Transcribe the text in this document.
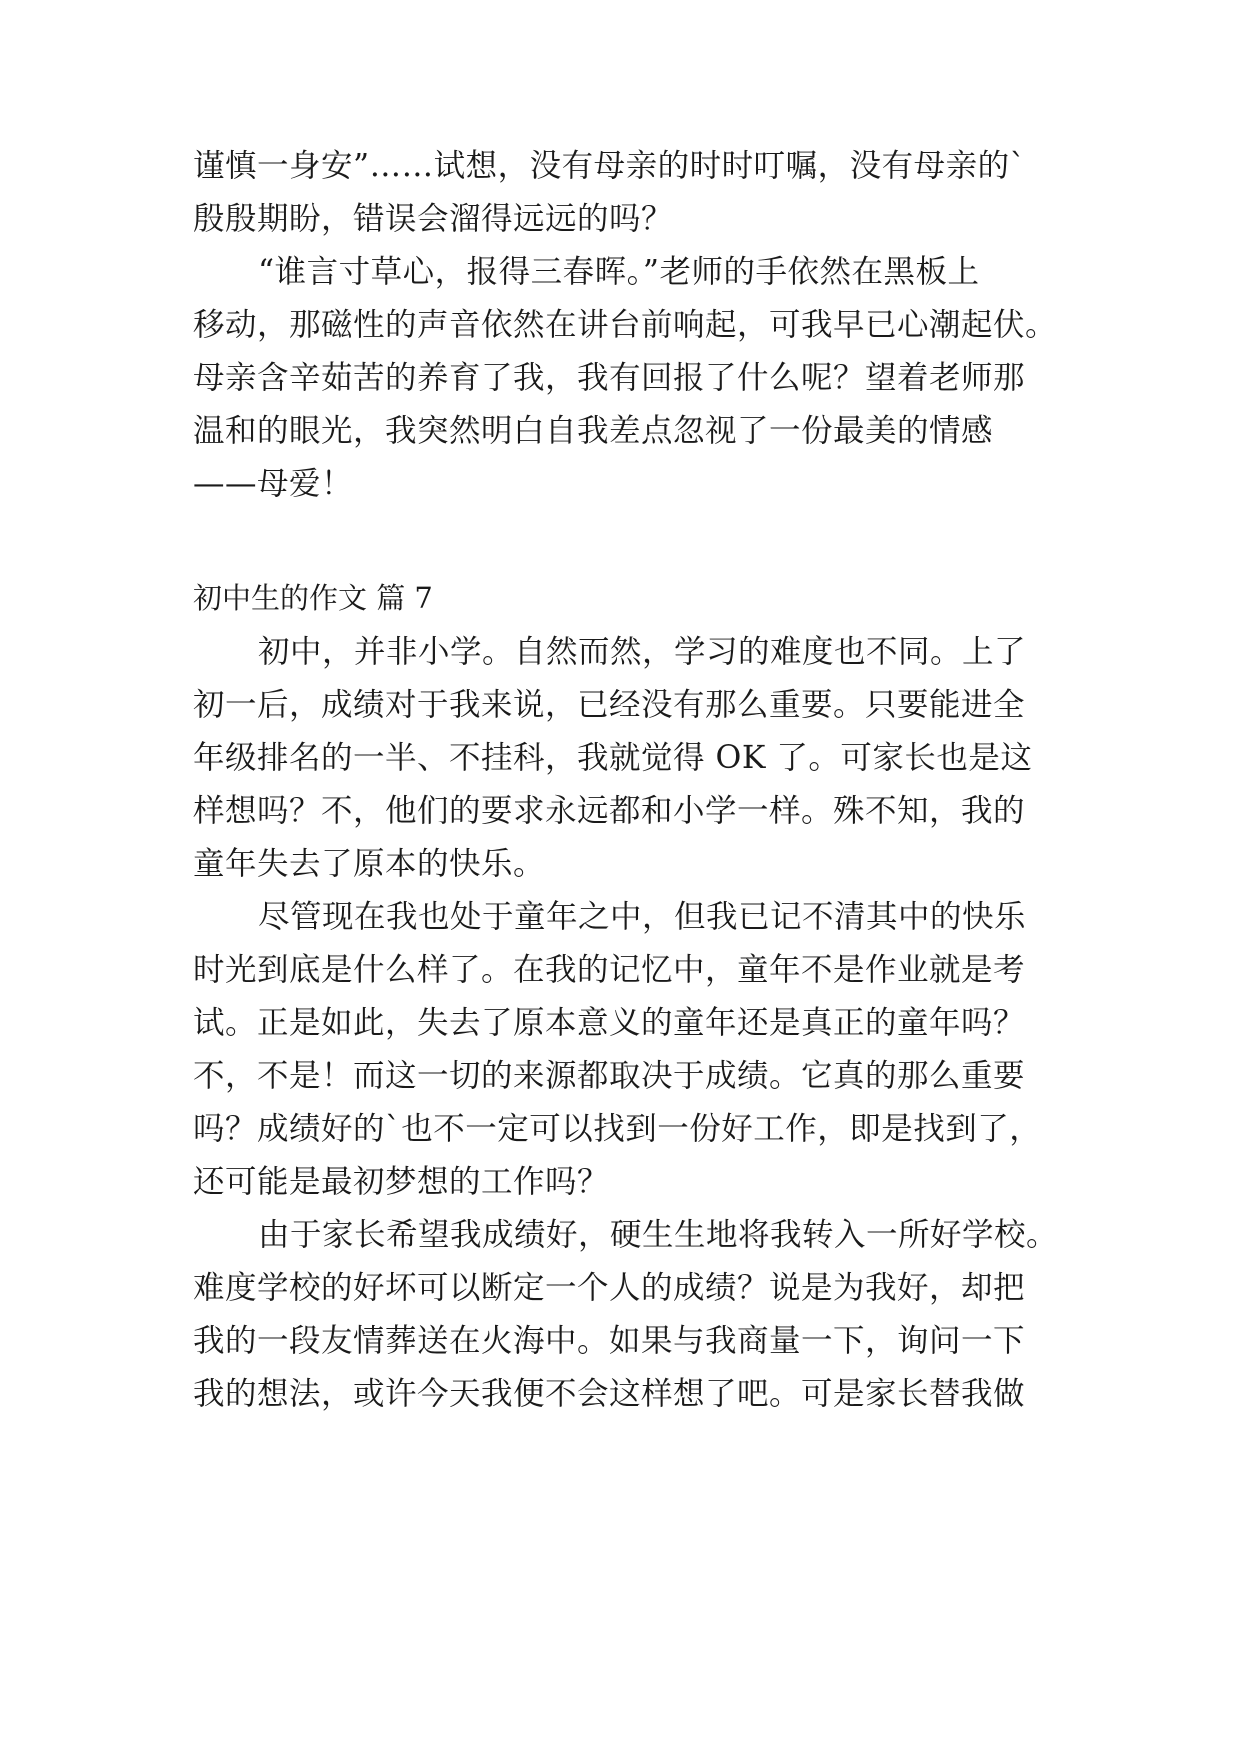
谨慎一身安”……试想，没有母亲的时时叮嘱，没有母亲的`
殷殷期盼，错误会溜得远远的吗？
“谁言寸草心，报得三春晖。”老师的手依然在黑板上
移动，那磁性的声音依然在讲台前响起，可我早已心潮起伏。
母亲含辛茹苦的养育了我，我有回报了什么呢？望着老师那
温和的眼光，我突然明白自我差点忽视了一份最美的情感
——母爱！
初中生的作文 篇 7
初中，并非小学。自然而然，学习的难度也不同。上了
初一后，成绩对于我来说，已经没有那么重要。只要能进全
年级排名的一半、不挂科，我就觉得 OK 了。可家长也是这
样想吗？不，他们的要求永远都和小学一样。殊不知，我的
童年失去了原本的快乐。
尽管现在我也处于童年之中，但我已记不清其中的快乐
时光到底是什么样了。在我的记忆中，童年不是作业就是考
试。正是如此，失去了原本意义的童年还是真正的童年吗？
不，不是！而这一切的来源都取决于成绩。它真的那么重要
吗？成绩好的`也不一定可以找到一份好工作，即是找到了，
还可能是最初梦想的工作吗？
由于家长希望我成绩好，硬生生地将我转入一所好学校。
难度学校的好坏可以断定一个人的成绩？说是为我好，却把
我的一段友情葬送在火海中。如果与我商量一下，询问一下
我的想法，或许今天我便不会这样想了吧。可是家长替我做
